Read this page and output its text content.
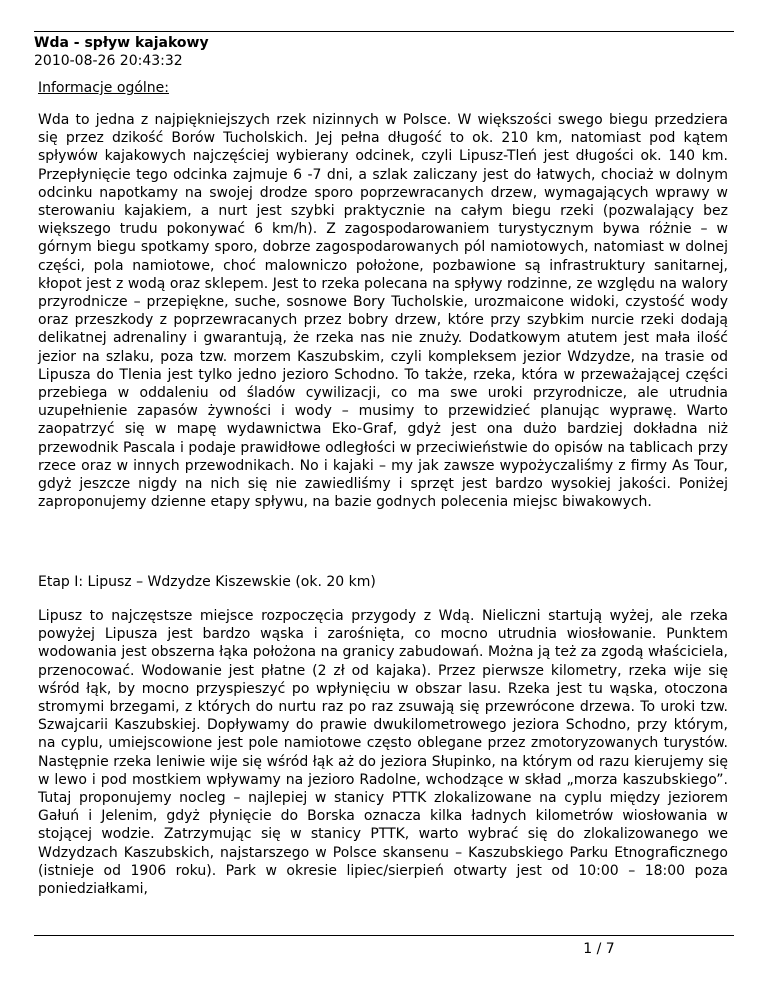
Wda - spływ kajakowy
2010-08-26 20:43:32
Informacje ogólne:
Wda to jedna z najpiękniejszych rzek nizinnych w Polsce. W większości swego biegu przedziera się przez dzikość Borów Tucholskich. Jej pełna długość to ok. 210 km, natomiast pod kątem spływów kajakowych najczęściej wybierany odcinek, czyli Lipusz-Tleń jest długości ok. 140 km. Przepłynięcie tego odcinka zajmuje 6 -7 dni, a szlak zaliczany jest do łatwych, chociaż w dolnym odcinku napotkamy na swojej drodze sporo poprzewracanych drzew, wymagających wprawy w sterowaniu kajakiem, a nurt jest szybki praktycznie na całym biegu rzeki (pozwalający bez większego trudu pokonywać 6 km/h). Z zagospodarowaniem turystycznym bywa różnie – w górnym biegu spotkamy sporo, dobrze zagospodarowanych pól namiotowych, natomiast w dolnej części, pola namiotowe, choć malowniczo położone, pozbawione są infrastruktury sanitarnej, kłopot jest z wodą oraz sklepem. Jest to rzeka polecana na spływy rodzinne, ze względu na walory przyrodnicze – przepiękne, suche, sosnowe Bory Tucholskie, urozmaicone widoki, czystość wody oraz przeszkody z poprzewracanych przez bobry drzew, które przy szybkim nurcie rzeki dodają delikatnej adrenaliny i gwarantują, że rzeka nas nie znuży. Dodatkowym atutem jest mała ilość jezior na szlaku, poza tzw. morzem Kaszubskim, czyli kompleksem jezior Wdzydze, na trasie od Lipusza do Tlenia jest tylko jedno jezioro Schodno. To także, rzeka, która w przeważającej części przebiega w oddaleniu od śladów cywilizacji, co ma swe uroki przyrodnicze, ale utrudnia uzupełnienie zapasów żywności i wody – musimy to przewidzieć planując wyprawę. Warto zaopatrzyć się w mapę wydawnictwa Eko-Graf, gdyż jest ona dużo bardziej dokładna niż przewodnik Pascala i podaje prawidłowe odległości w przeciwieństwie do opisów na tablicach przy rzece oraz w innych przewodnikach. No i kajaki – my jak zawsze wypożyczaliśmy z firmy As Tour, gdyż jeszcze nigdy na nich się nie zawiedliśmy i sprzęt jest bardzo wysokiej jakości. Poniżej zaproponujemy dzienne etapy spływu, na bazie godnych polecenia miejsc biwakowych.
Etap I: Lipusz – Wdzydze Kiszewskie (ok. 20 km)
Lipusz to najczęstsze miejsce rozpoczęcia przygody z Wdą. Nieliczni startują wyżej, ale rzeka powyżej Lipusza jest bardzo wąska i zarośnięta, co mocno utrudnia wiosłowanie. Punktem wodowania jest obszerna łąka położona na granicy zabudowań. Można ją też za zgodą właściciela, przenocować. Wodowanie jest płatne (2 zł od kajaka). Przez pierwsze kilometry, rzeka wije się wśród łąk, by mocno przyspieszyć po wpłynięciu w obszar lasu. Rzeka jest tu wąska, otoczona stromymi brzegami, z których do nurtu raz po raz zsuwają się przewrócone drzewa. To uroki tzw. Szwajcarii Kaszubskiej. Dopływamy do prawie dwukilometrowego jeziora Schodno, przy którym, na cyplu, umiejscowione jest pole namiotowe często oblegane przez zmotoryzowanych turystów. Następnie rzeka leniwie wije się wśród łąk aż do jeziora Słupinko, na którym od razu kierujemy się w lewo i pod mostkiem wpływamy na jezioro Radolne, wchodzące w skład „morza kaszubskiego”. Tutaj proponujemy nocleg – najlepiej w stanicy PTTK zlokalizowane na cyplu między jeziorem Gałuń i Jelenim, gdyż płynięcie do Borska oznacza kilka ładnych kilometrów wiosłowania w stojącej wodzie. Zatrzymując się w stanicy PTTK, warto wybrać się do zlokalizowanego we Wdzydzach Kaszubskich, najstarszego w Polsce skansenu – Kaszubskiego Parku Etnograficznego (istnieje od 1906 roku). Park w okresie lipiec/sierpień otwarty jest od 10:00 – 18:00 poza poniedziałkami,
1 / 7
